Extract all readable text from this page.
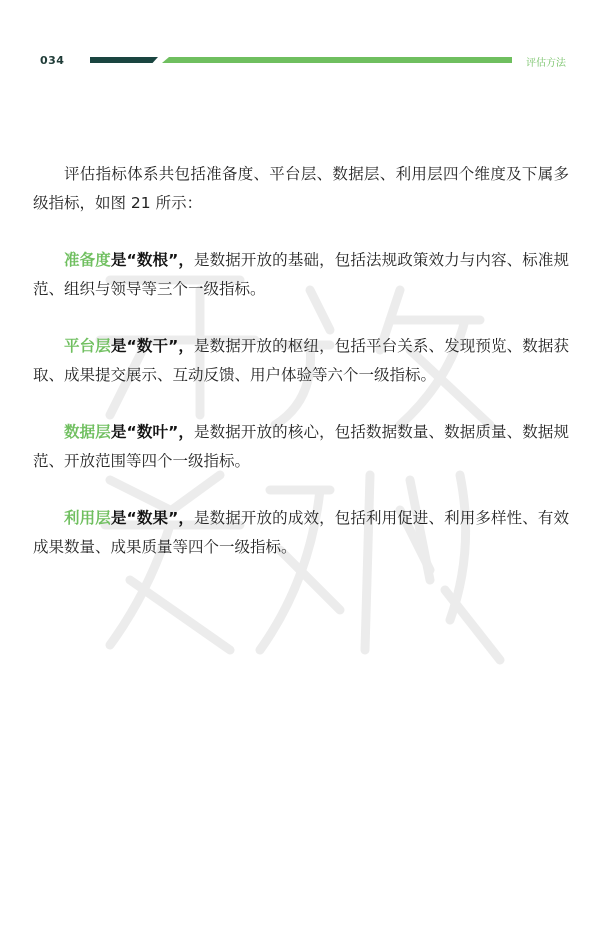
034	评估方法

评估指标体系共包括准备度、平台层、数据层、利用层四个维度及下属多级指标，如图 21 所示：

准备度是“数根”，是数据开放的基础，包括法规政策效力与内容、标准规范、组织与领导等三个一级指标。

平台层是“数干”，是数据开放的枢纽，包括平台关系、发现预览、数据获取、成果提交展示、互动反馈、用户体验等六个一级指标。

数据层是“数叶”，是数据开放的核心，包括数据数量、数据质量、数据规范、开放范围等四个一级指标。

利用层是“数果”，是数据开放的成效，包括利用促进、利用多样性、有效成果数量、成果质量等四个一级指标。
